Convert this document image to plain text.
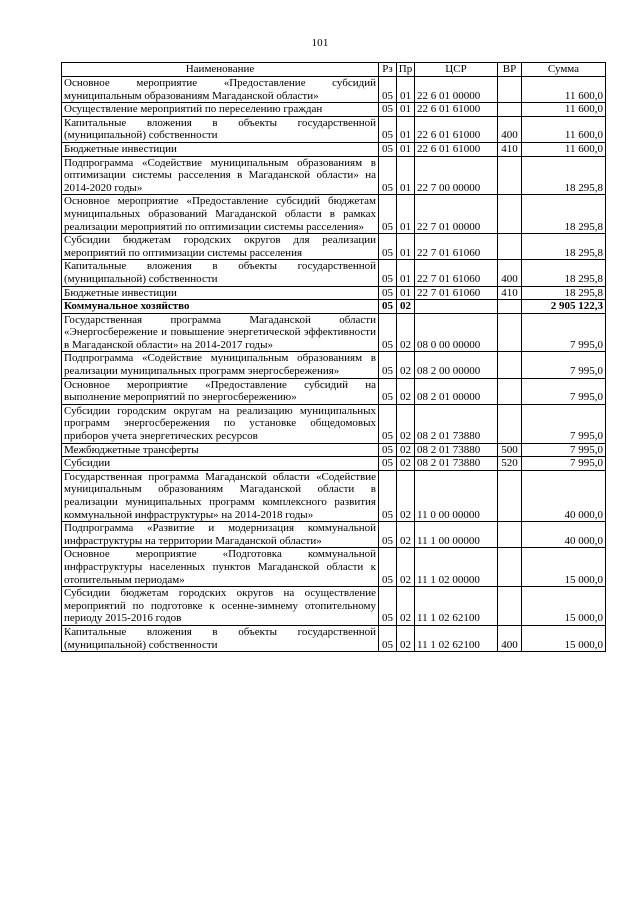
101
Наименование	Рз	Пр	ЦСР	ВР	Сумма
Основное мероприятие «Предоставление субсидий муниципальным образованиям Магаданской области»	05	01	22 6 01 00000		11 600,0
Осуществление мероприятий по переселению граждан	05	01	22 6 01 61000		11 600,0
Капитальные вложения в объекты государственной (муниципальной) собственности	05	01	22 6 01 61000	400	11 600,0
Бюджетные инвестиции	05	01	22 6 01 61000	410	11 600,0
Подпрограмма «Содействие муниципальным образованиям в оптимизации системы расселения в Магаданской области» на 2014-2020 годы»	05	01	22 7 00 00000		18 295,8
Основное мероприятие «Предоставление субсидий бюджетам муниципальных образований Магаданской области в рамках реализации мероприятий по оптимизации системы расселения»	05	01	22 7 01 00000		18 295,8
Субсидии бюджетам городских округов для реализации мероприятий по оптимизации системы расселения	05	01	22 7 01 61060		18 295,8
Капитальные вложения в объекты государственной (муниципальной) собственности	05	01	22 7 01 61060	400	18 295,8
Бюджетные инвестиции	05	01	22 7 01 61060	410	18 295,8
Коммунальное хозяйство	05	02			2 905 122,3
Государственная программа Магаданской области «Энергосбережение и повышение энергетической эффективности в Магаданской области» на 2014-2017 годы»	05	02	08 0 00 00000		7 995,0
Подпрограмма «Содействие муниципальным образованиям в реализации муниципальных программ энергосбережения»	05	02	08 2 00 00000		7 995,0
Основное мероприятие «Предоставление субсидий на выполнение мероприятий по энергосбережению»	05	02	08 2 01 00000		7 995,0
Субсидии городским округам на реализацию муниципальных программ энергосбережения по установке общедомовых приборов учета энергетических ресурсов	05	02	08 2 01 73880		7 995,0
Межбюджетные трансферты	05	02	08 2 01 73880	500	7 995,0
Субсидии	05	02	08 2 01 73880	520	7 995,0
Государственная программа Магаданской области «Содействие муниципальным образованиям Магаданской области в реализации муниципальных программ комплексного развития коммунальной инфраструктуры» на 2014-2018 годы»	05	02	11 0 00 00000		40 000,0
Подпрограмма «Развитие и модернизация коммунальной инфраструктуры на территории Магаданской области»	05	02	11 1 00 00000		40 000,0
Основное мероприятие «Подготовка коммунальной инфраструктуры населенных пунктов Магаданской области к отопительным периодам»	05	02	11 1 02 00000		15 000,0
Субсидии бюджетам городских округов на осуществление мероприятий по подготовке к осенне-зимнему отопительному периоду 2015-2016 годов	05	02	11 1 02 62100		15 000,0
Капитальные вложения в объекты государственной (муниципальной) собственности	05	02	11 1 02 62100	400	15 000,0
